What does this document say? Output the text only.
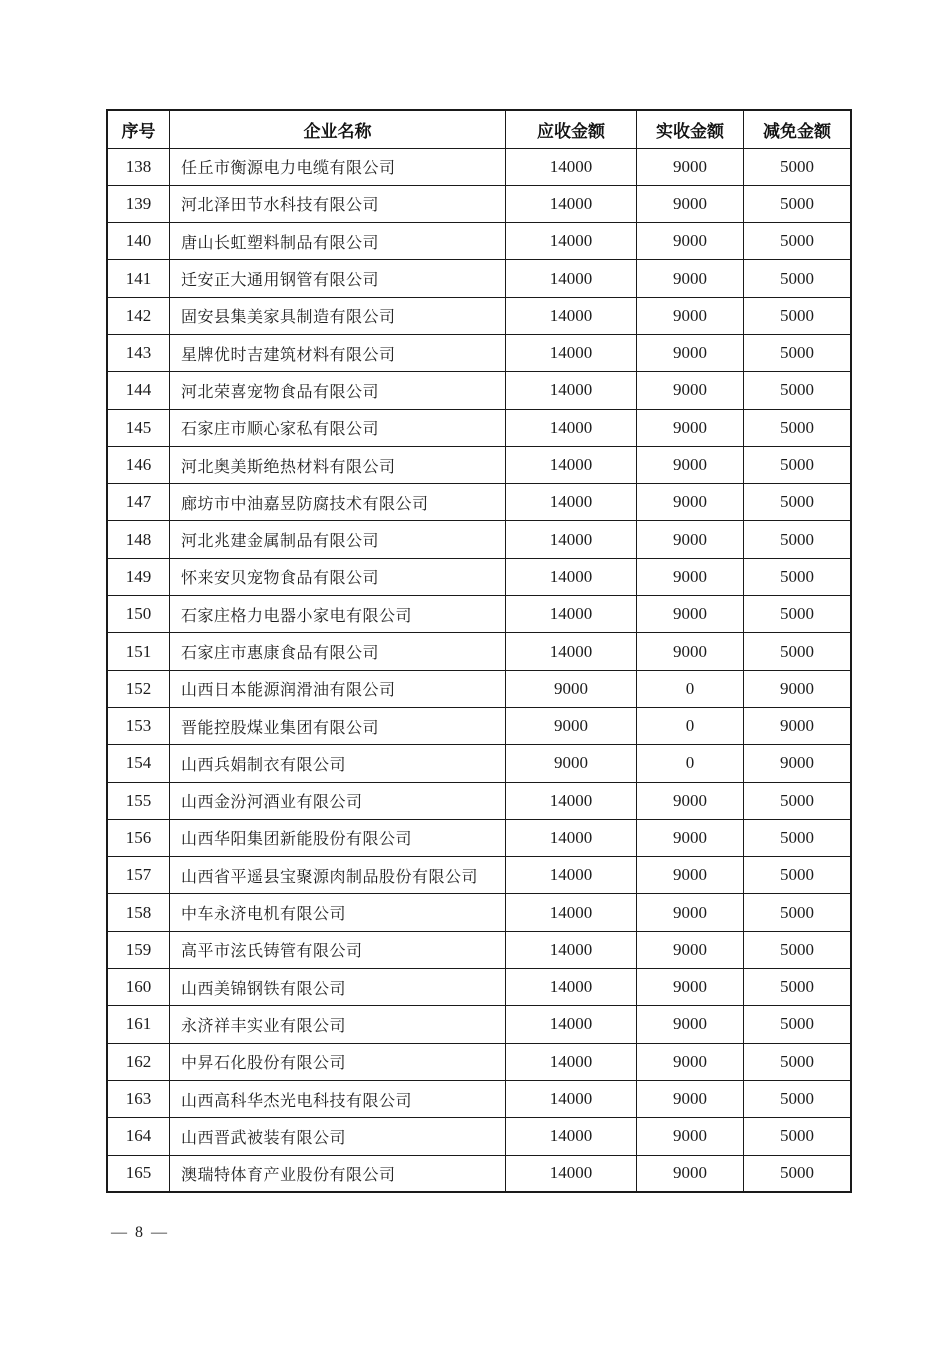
序号	企业名称	应收金额	实收金额	减免金额
138	任丘市衡源电力电缆有限公司	14000	9000	5000
139	河北泽田节水科技有限公司	14000	9000	5000
140	唐山长虹塑料制品有限公司	14000	9000	5000
141	迁安正大通用钢管有限公司	14000	9000	5000
142	固安县集美家具制造有限公司	14000	9000	5000
143	星牌优时吉建筑材料有限公司	14000	9000	5000
144	河北荣喜宠物食品有限公司	14000	9000	5000
145	石家庄市顺心家私有限公司	14000	9000	5000
146	河北奥美斯绝热材料有限公司	14000	9000	5000
147	廊坊市中油嘉昱防腐技术有限公司	14000	9000	5000
148	河北兆建金属制品有限公司	14000	9000	5000
149	怀来安贝宠物食品有限公司	14000	9000	5000
150	石家庄格力电器小家电有限公司	14000	9000	5000
151	石家庄市惠康食品有限公司	14000	9000	5000
152	山西日本能源润滑油有限公司	9000	0	9000
153	晋能控股煤业集团有限公司	9000	0	9000
154	山西兵娟制衣有限公司	9000	0	9000
155	山西金汾河酒业有限公司	14000	9000	5000
156	山西华阳集团新能股份有限公司	14000	9000	5000
157	山西省平遥县宝聚源肉制品股份有限公司	14000	9000	5000
158	中车永济电机有限公司	14000	9000	5000
159	高平市泫氏铸管有限公司	14000	9000	5000
160	山西美锦钢铁有限公司	14000	9000	5000
161	永济祥丰实业有限公司	14000	9000	5000
162	中昇石化股份有限公司	14000	9000	5000
163	山西高科华杰光电科技有限公司	14000	9000	5000
164	山西晋武被装有限公司	14000	9000	5000
165	澳瑞特体育产业股份有限公司	14000	9000	5000
— 8 —
